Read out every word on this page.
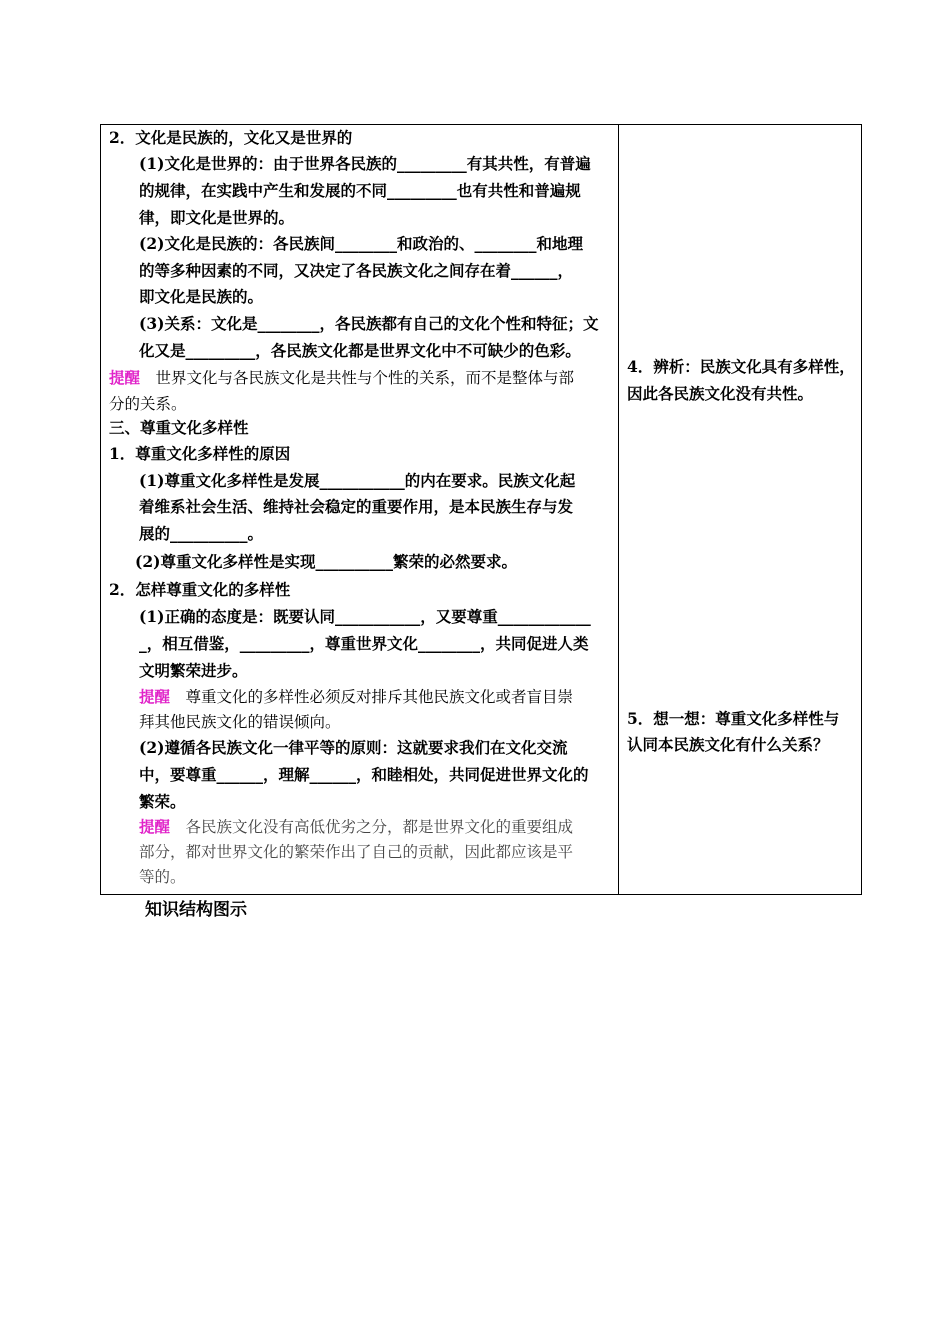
2．文化是民族的，文化又是世界的
(1)文化是世界的：由于世界各民族的_________有其共性，有普遍
的规律，在实践中产生和发展的不同_________也有共性和普遍规
律，即文化是世界的。
(2)文化是民族的：各民族间________和政治的、________和地理
的等多种因素的不同，又决定了各民族文化之间存在着______，
即文化是民族的。
(3)关系：文化是________，各民族都有自己的文化个性和特征；文
化又是_________，各民族文化都是世界文化中不可缺少的色彩。
提醒　世界文化与各民族文化是共性与个性的关系，而不是整体与部
分的关系。
三、尊重文化多样性
1．尊重文化多样性的原因
(1)尊重文化多样性是发展___________的内在要求。民族文化起
着维系社会生活、维持社会稳定的重要作用，是本民族生存与发
展的__________。
(2)尊重文化多样性是实现__________繁荣的必然要求。
2．怎样尊重文化的多样性
(1)正确的态度是：既要认同___________，又要尊重____________
_，相互借鉴，_________，尊重世界文化________，共同促进人类
文明繁荣进步。
提醒　尊重文化的多样性必须反对排斥其他民族文化或者盲目崇
拜其他民族文化的错误倾向。
(2)遵循各民族文化一律平等的原则：这就要求我们在文化交流
中，要尊重______，理解______，和睦相处，共同促进世界文化的
繁荣。
提醒　各民族文化没有高低优劣之分，都是世界文化的重要组成
部分，都对世界文化的繁荣作出了自己的贡献，因此都应该是平
等的。
4．辨析：民族文化具有多样性，
因此各民族文化没有共性。
5．想一想：尊重文化多样性与
认同本民族文化有什么关系？
知识结构图示
